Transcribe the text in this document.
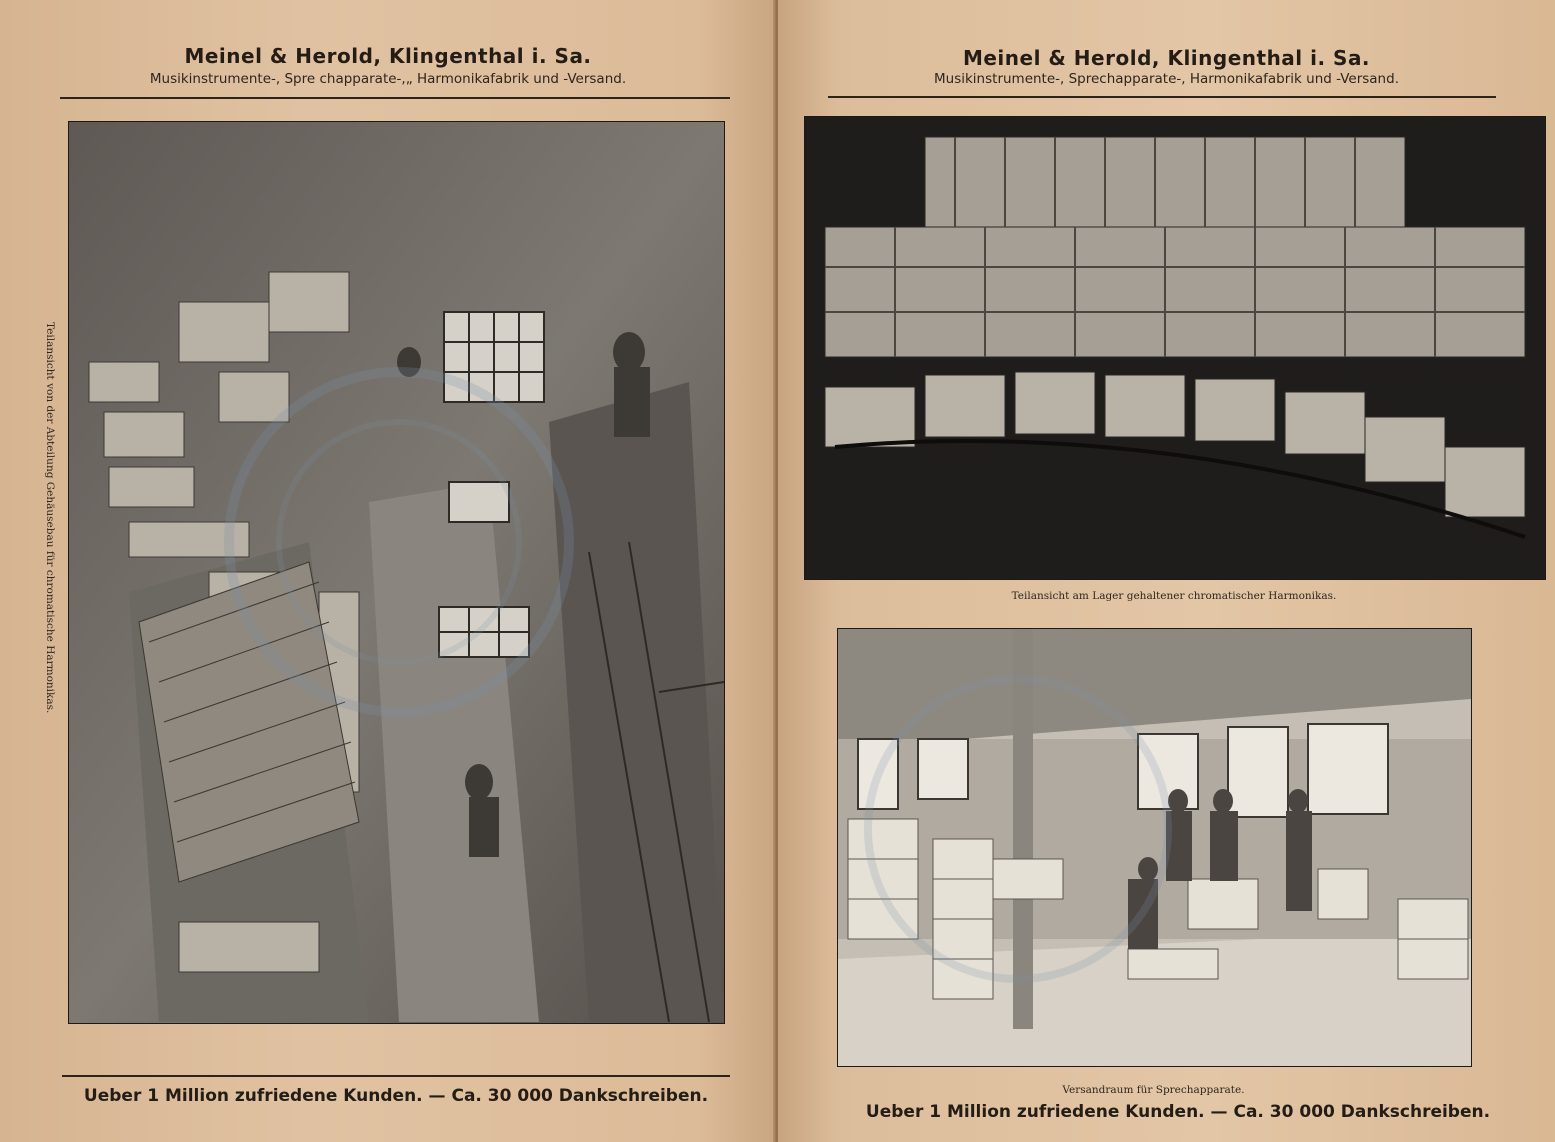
Meinel & Herold, Klingenthal i. Sa.
Musikinstrumente-, Spre chapparate-,„ Harmonikafabrik und -Versand.
Teilansicht von der Abteilung Gehäusebau für chromatische Harmonikas.
Ueber 1 Million zufriedene Kunden. — Ca. 30 000 Dankschreiben.
Meinel & Herold, Klingenthal i. Sa.
Musikinstrumente-, Sprechapparate-, Harmonikafabrik und -Versand.
Teilansicht am Lager gehaltener chromatischer Harmonikas.
Versandraum für Sprechapparate.
Ueber 1 Million zufriedene Kunden. — Ca. 30 000 Dankschreiben.
